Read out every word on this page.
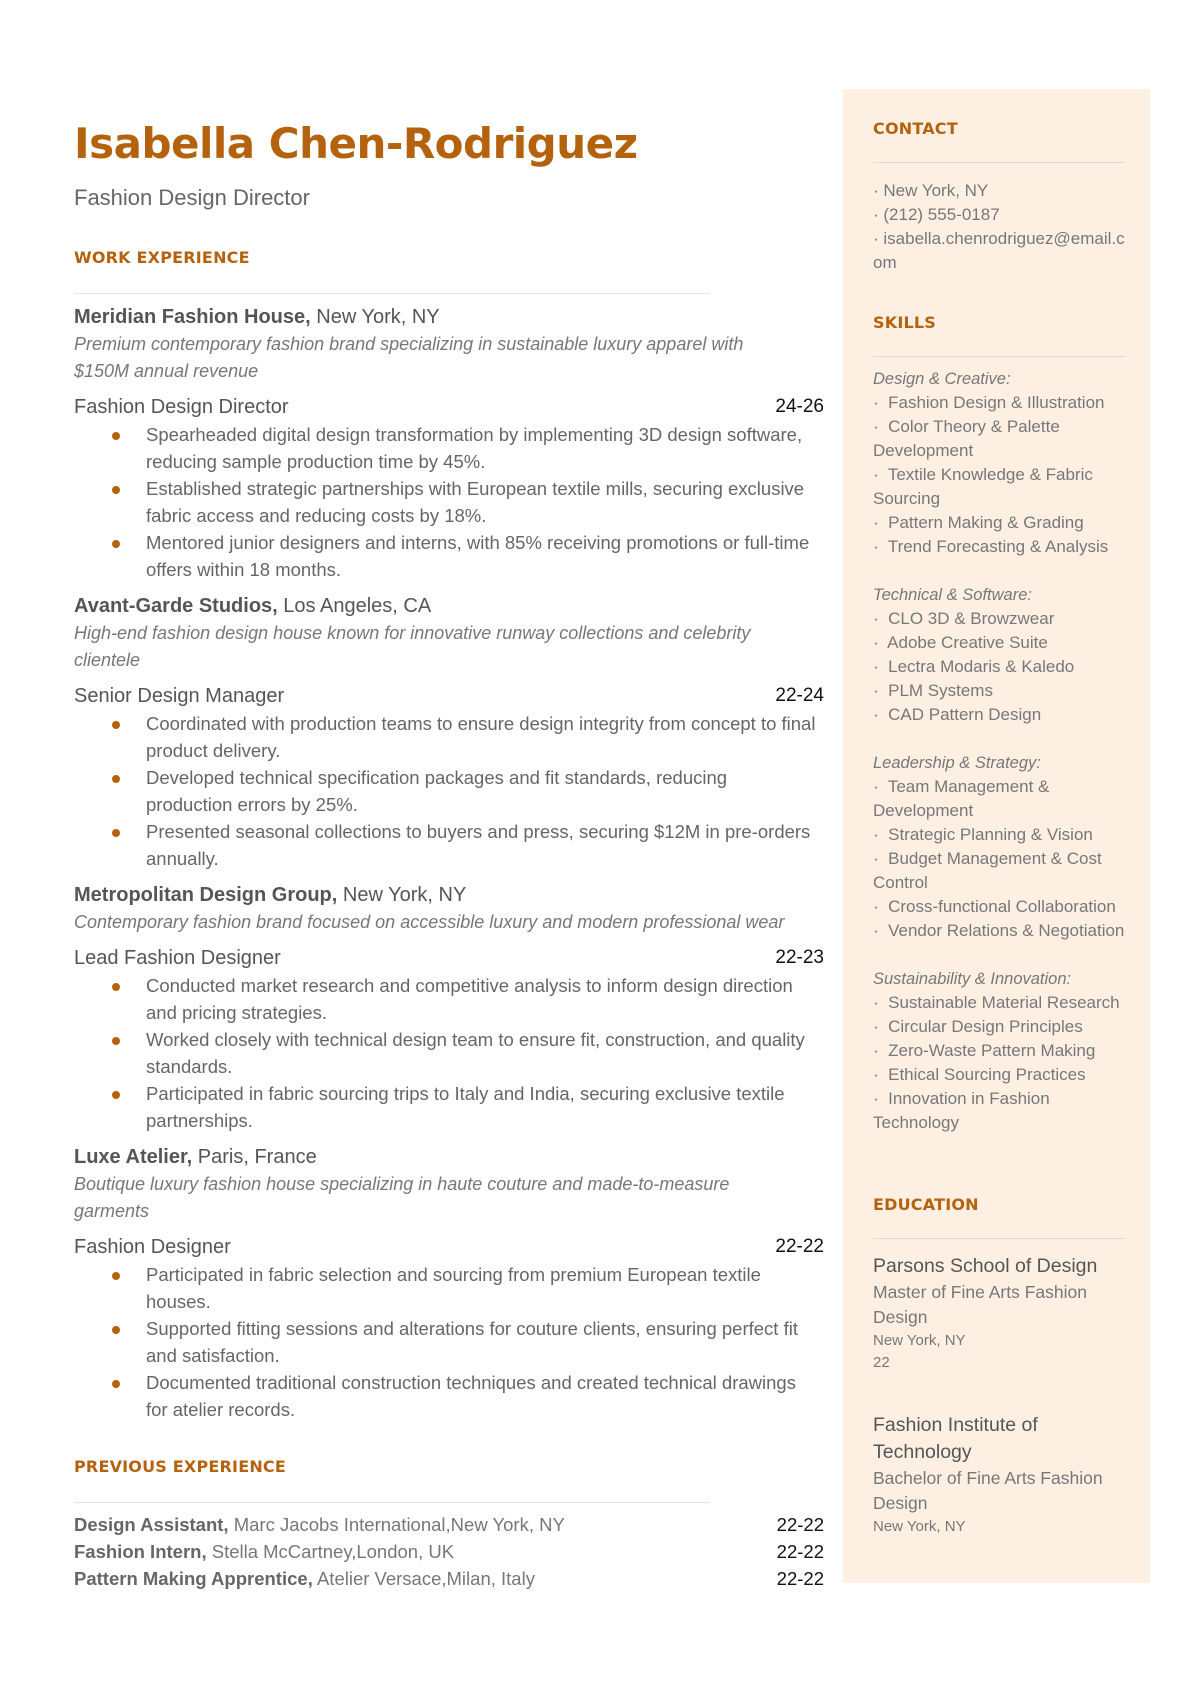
Isabella Chen-Rodriguez
Fashion Design Director
WORK EXPERIENCE
Meridian Fashion House, New York, NY
Premium contemporary fashion brand specializing in sustainable luxury apparel with $150M annual revenue
Fashion Design Director	24-26
Spearheaded digital design transformation by implementing 3D design software, reducing sample production time by 45%.
Established strategic partnerships with European textile mills, securing exclusive fabric access and reducing costs by 18%.
Mentored junior designers and interns, with 85% receiving promotions or full-time offers within 18 months.
Avant-Garde Studios, Los Angeles, CA
High-end fashion design house known for innovative runway collections and celebrity clientele
Senior Design Manager	22-24
Coordinated with production teams to ensure design integrity from concept to final product delivery.
Developed technical specification packages and fit standards, reducing production errors by 25%.
Presented seasonal collections to buyers and press, securing $12M in pre-orders annually.
Metropolitan Design Group, New York, NY
Contemporary fashion brand focused on accessible luxury and modern professional wear
Lead Fashion Designer	22-23
Conducted market research and competitive analysis to inform design direction and pricing strategies.
Worked closely with technical design team to ensure fit, construction, and quality standards.
Participated in fabric sourcing trips to Italy and India, securing exclusive textile partnerships.
Luxe Atelier, Paris, France
Boutique luxury fashion house specializing in haute couture and made-to-measure garments
Fashion Designer	22-22
Participated in fabric selection and sourcing from premium European textile houses.
Supported fitting sessions and alterations for couture clients, ensuring perfect fit and satisfaction.
Documented traditional construction techniques and created technical drawings for atelier records.
PREVIOUS EXPERIENCE
Design Assistant, Marc Jacobs International,New York, NY	22-22
Fashion Intern, Stella McCartney,London, UK	22-22
Pattern Making Apprentice, Atelier Versace,Milan, Italy	22-22
CONTACT
· New York, NY
· (212) 555-0187
· isabella.chenrodriguez@email.com
SKILLS
Design & Creative:
· Fashion Design & Illustration
· Color Theory & Palette Development
· Textile Knowledge & Fabric Sourcing
· Pattern Making & Grading
· Trend Forecasting & Analysis
Technical & Software:
· CLO 3D & Browzwear
· Adobe Creative Suite
· Lectra Modaris & Kaledo
· PLM Systems
· CAD Pattern Design
Leadership & Strategy:
· Team Management & Development
· Strategic Planning & Vision
· Budget Management & Cost Control
· Cross-functional Collaboration
· Vendor Relations & Negotiation
Sustainability & Innovation:
· Sustainable Material Research
· Circular Design Principles
· Zero-Waste Pattern Making
· Ethical Sourcing Practices
· Innovation in Fashion Technology
EDUCATION
Parsons School of Design
Master of Fine Arts Fashion Design
New York, NY
22
Fashion Institute of Technology
Bachelor of Fine Arts Fashion Design
New York, NY
